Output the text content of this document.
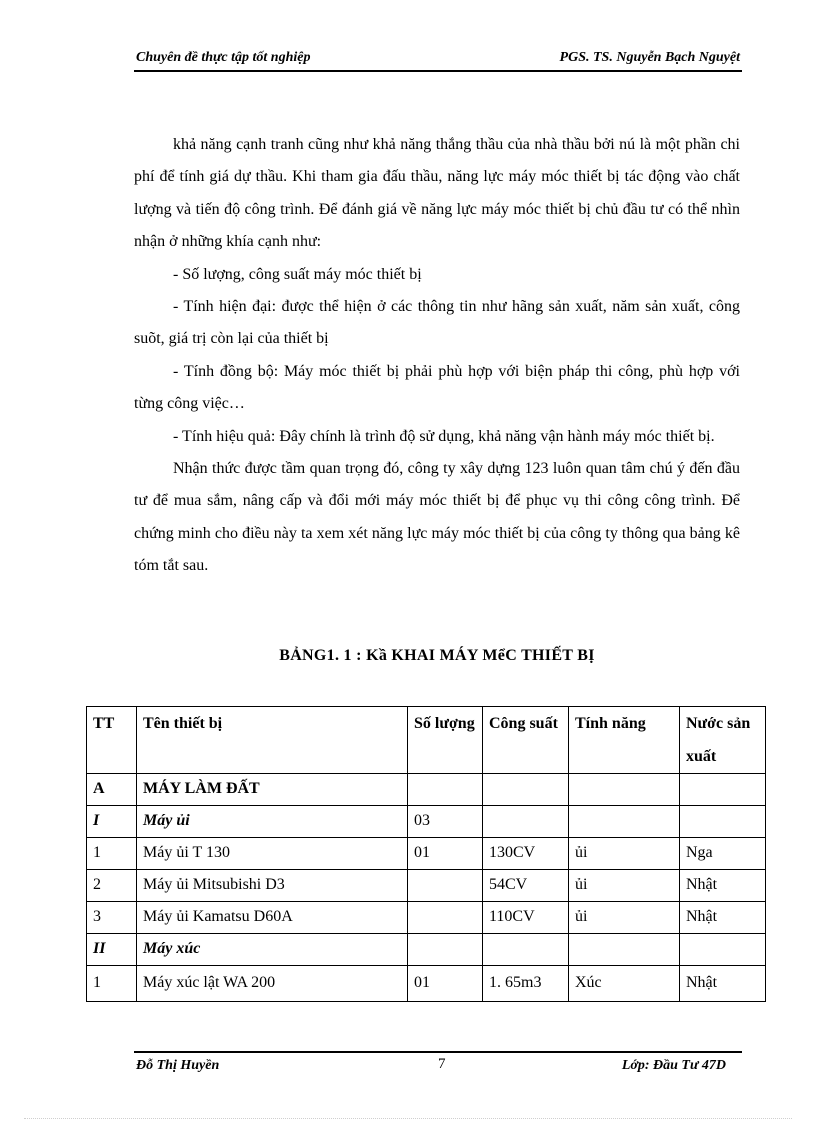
Chuyên đề thực tập tốt nghiệp	PGS. TS. Nguyễn Bạch Nguyệt

khả năng cạnh tranh cũng như khả năng thắng thầu của nhà thầu bởi nú là một phần chi phí để tính giá dự thầu. Khi tham gia đấu thầu, năng lực máy móc thiết bị tác động vào chất lượng và tiến độ công trình. Để đánh giá về năng lực máy móc thiết bị chủ đầu tư có thể nhìn nhận ở những khía cạnh như:

- Số lượng, công suất máy móc thiết bị

- Tính hiện đại: được thể hiện ở các thông tin như hãng sản xuất, năm sản xuất, công suõt, giá trị còn lại của thiết bị

- Tính đồng bộ: Máy móc thiết bị phải phù hợp với biện pháp thi công, phù hợp với từng công việc…

- Tính hiệu quả: Đây chính là trình độ sử dụng, khả năng vận hành máy móc thiết bị.

Nhận thức được tầm quan trọng đó, công ty xây dựng 123 luôn quan tâm chú ý đến đầu tư để mua sắm, nâng cấp và đổi mới máy móc thiết bị để phục vụ thi công công trình. Để chứng minh cho điều này ta xem xét năng lực máy móc thiết bị của công ty thông qua bảng kê tóm tắt sau.

BẢNG1. 1 : Kầ KHAI MÁY MểC THIẾT BỊ
TT	Tên thiết bị	Số lượng	Công suất	Tính năng	Nước sản xuất
A	MÁY LÀM ĐẤT				
I	Máy ủi	03			
1	Máy ủi T 130	01	130CV	ủi	Nga
2	Máy ủi Mitsubishi D3		54CV	ủi	Nhật
3	Máy ủi Kamatsu D60A		110CV	ủi	Nhật
II	Máy xúc				
1	Máy xúc lật WA 200	01	1. 65m3	Xúc	Nhật
Đỗ Thị Huyền	7	Lớp: Đầu Tư 47D
